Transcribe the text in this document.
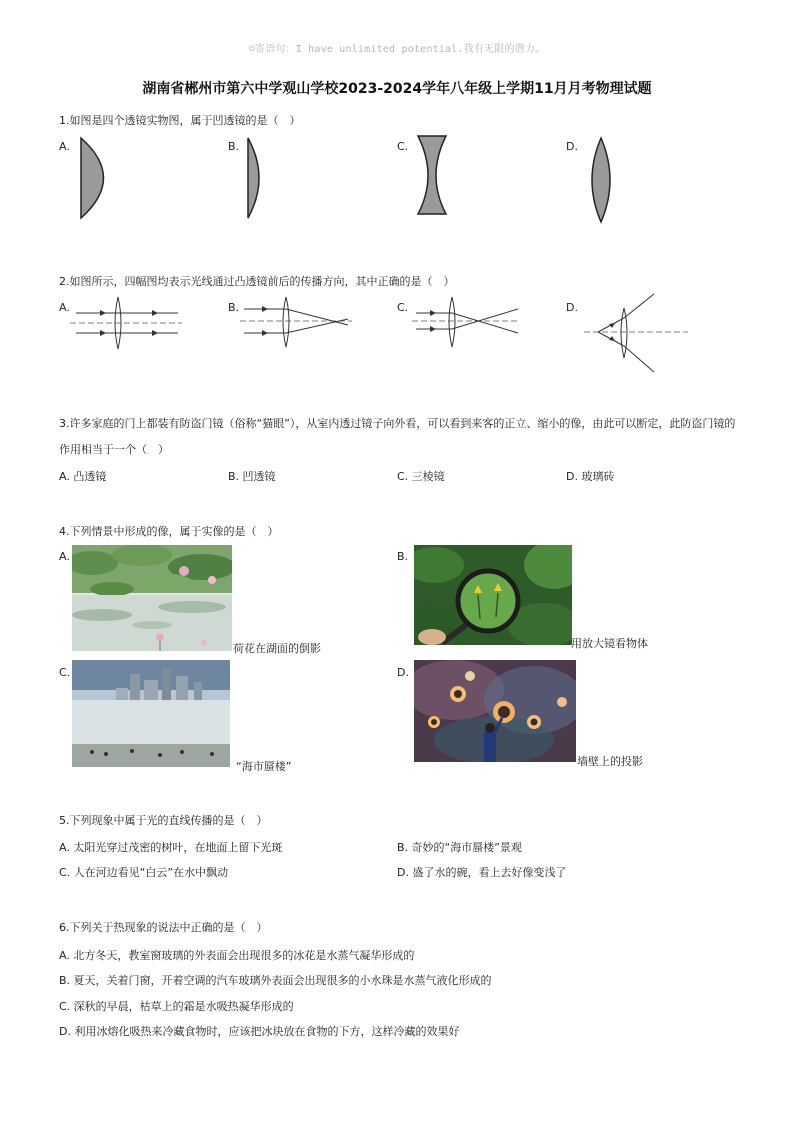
☺寄语句：I have unlimited potential.我有无限的潜力。
湖南省郴州市第六中学观山学校2023-2024学年八年级上学期11月月考物理试题
1.如图是四个透镜实物图，属于凹透镜的是（　）
A.	B.	C.	D.
2.如图所示，四幅图均表示光线通过凸透镜前后的传播方向，其中正确的是（　）
A.	B.	C.	D.
3.许多家庭的门上都装有防盗门镜（俗称“猫眼”），从室内透过镜子向外看，可以看到来客的正立、缩小的像，由此可以断定，此防盗门镜的作用相当于一个（　）
A. 凸透镜	B. 凹透镜	C. 三棱镜	D. 玻璃砖
4.下列情景中形成的像，属于实像的是（　）
A.	B.
C.	D.
荷花在湖面的倒影	用放大镜看物体
“海市蜃楼”	墙壁上的投影
5.下列现象中属于光的直线传播的是（　）
A. 太阳光穿过茂密的树叶，在地面上留下光斑	B. 奇妙的“海市蜃楼”景观
C. 人在河边看见“白云”在水中飘动	D. 盛了水的碗，看上去好像变浅了
6.下列关于热现象的说法中正确的是（　）
A. 北方冬天，教室窗玻璃的外表面会出现很多的冰花是水蒸气凝华形成的
B. 夏天，关着门窗，开着空调的汽车玻璃外表面会出现很多的小水珠是水蒸气液化形成的
C. 深秋的早晨，枯草上的霜是水吸热凝华形成的
D. 利用冰熔化吸热来冷藏食物时，应该把冰块放在食物的下方，这样冷藏的效果好
